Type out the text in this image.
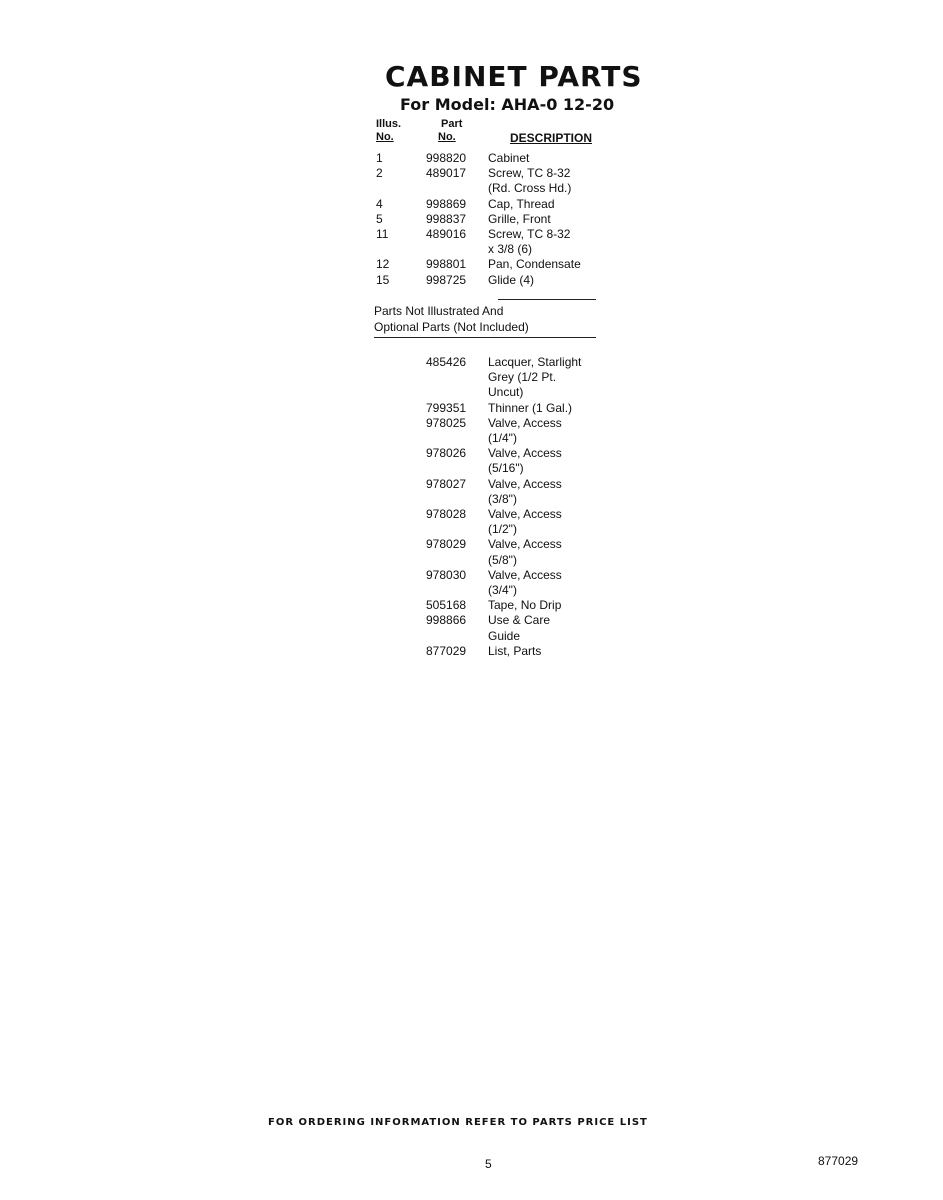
CABINET PARTS
For Model: AHA-0 12-20
Illus.
No.
Part
No.	DESCRIPTION
1	998820 Cabinet
2	489017 Screw, TC 8-32
(Rd. Cross Hd.)
4	998869 Cap, Thread
5	998837 Grille, Front
11	489016 Screw, TC 8-32
x 3/8 (6)
12	998801 Pan, Condensate
15	998725 Glide (4)
Parts Not Illustrated And
Optional Parts (Not Included)
485426 Lacquer, Starlight
Grey (1/2 Pt.
Uncut)
799351 Thinner (1 Gal.)
978025 Valve, Access
(1/4")
978026 Valve, Access
(5/16")
978027 Valve, Access
(3/8")
978028 Valve, Access
(1/2")
978029 Valve, Access
(5/8")
978030 Valve, Access
(3/4")
505168 Tape, No Drip
998866 Use & Care
Guide
877029 List, Parts
FOR ORDERING INFORMATION REFER TO PARTS PRICE LIST
5	877029
